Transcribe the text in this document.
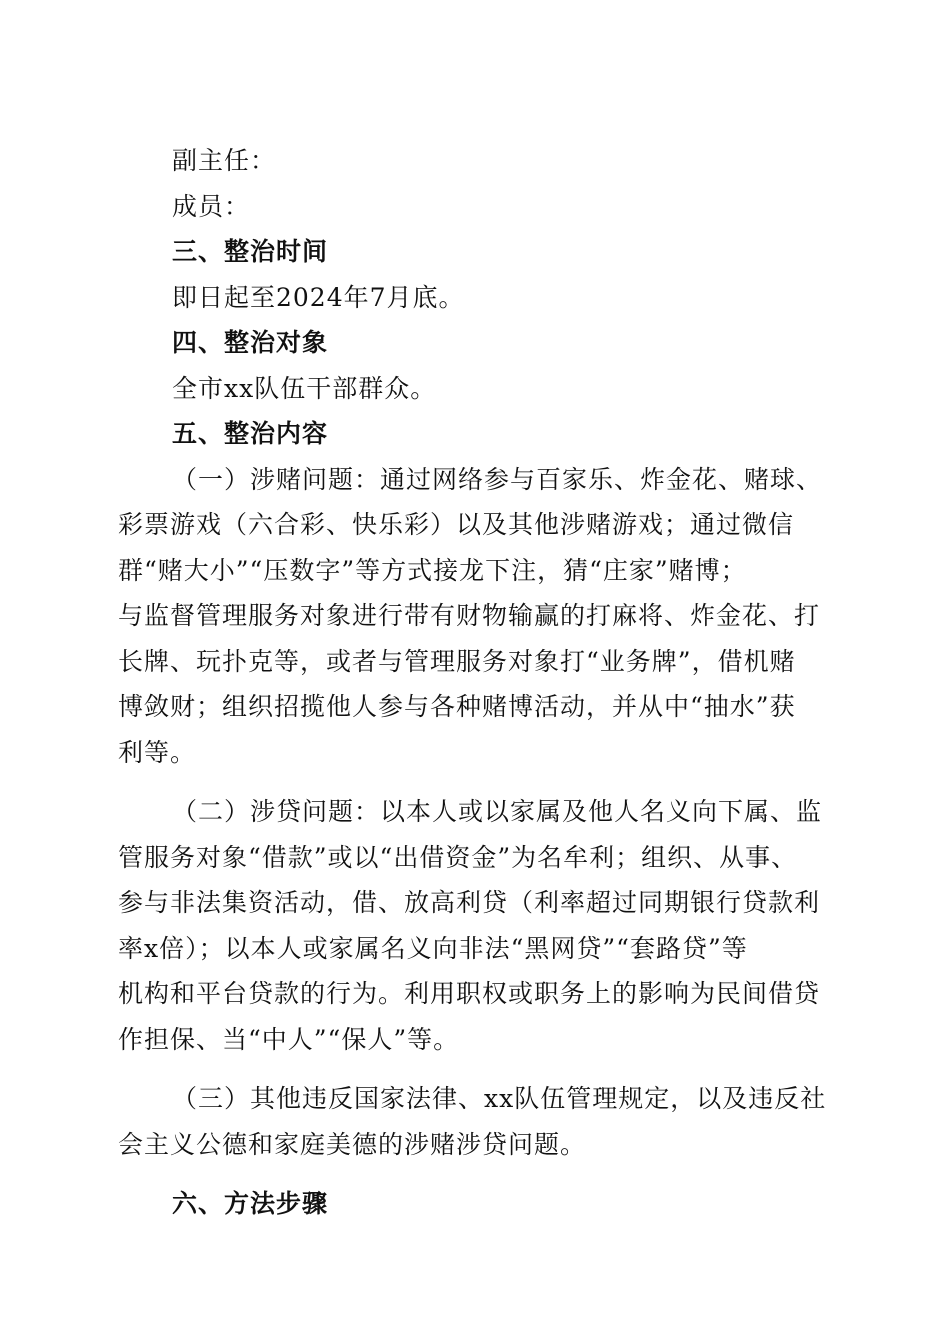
副主任：
成员：
三、整治时间
即日起至2024年7月底。
四、整治对象
全市xx队伍干部群众。
五、整治内容
（一）涉赌问题：通过网络参与百家乐、炸金花、赌球、
彩票游戏（六合彩、快乐彩）以及其他涉赌游戏；通过微信
群“赌大小”“压数字”等方式接龙下注，猜“庄家”赌博；
与监督管理服务对象进行带有财物输赢的打麻将、炸金花、打
长牌、玩扑克等，或者与管理服务对象打“业务牌”，借机赌
博敛财；组织招揽他人参与各种赌博活动，并从中“抽水”获
利等。
（二）涉贷问题：以本人或以家属及他人名义向下属、监
管服务对象“借款”或以“出借资金”为名牟利；组织、从事、
参与非法集资活动，借、放高利贷（利率超过同期银行贷款利
率x倍）；以本人或家属名义向非法“黑网贷”“套路贷”等
机构和平台贷款的行为。利用职权或职务上的影响为民间借贷
作担保、当“中人”“保人”等。
（三）其他违反国家法律、xx队伍管理规定，以及违反社
会主义公德和家庭美德的涉赌涉贷问题。
六、方法步骤
